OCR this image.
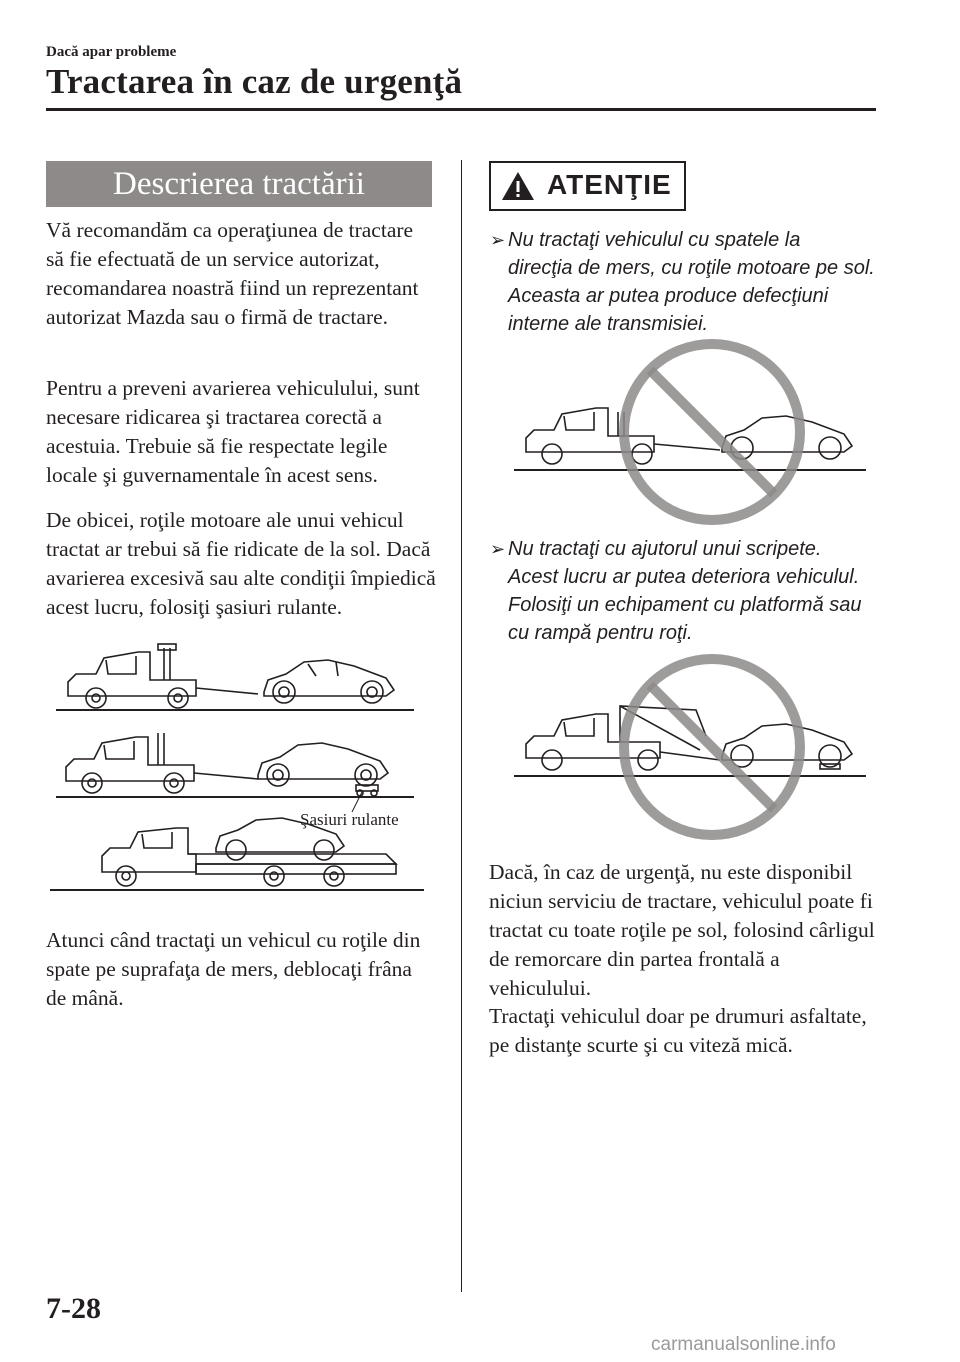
Dacă apar probleme
Tractarea în caz de urgenţă
Descrierea tractării
Vă recomandăm ca operaţiunea de tractare să fie efectuată de un service autorizat, recomandarea noastră fiind un reprezentant autorizat Mazda sau o firmă de tractare.
Pentru a preveni avarierea vehiculului, sunt necesare ridicarea şi tractarea corectă a acestuia. Trebuie să fie respectate legile locale şi guvernamentale în acest sens.
De obicei, roţile motoare ale unui vehicul tractat ar trebui să fie ridicate de la sol. Dacă avarierea excesivă sau alte condiţii împiedică acest lucru, folosiţi şasiuri rulante.
Şasiuri rulante
Atunci când tractaţi un vehicul cu roţile din spate pe suprafaţa de mers, deblocaţi frâna de mână.
ATENŢIE
➢ Nu tractaţi vehiculul cu spatele la
direcţia de mers, cu roţile motoare pe sol.
Aceasta ar putea produce defecţiuni
interne ale transmisiei.
➢ Nu tractaţi cu ajutorul unui scripete.
Acest lucru ar putea deteriora vehiculul.
Folosiţi un echipament cu platformă sau
cu rampă pentru roţi.
Dacă, în caz de urgenţă, nu este disponibil niciun serviciu de tractare, vehiculul poate fi tractat cu toate roţile pe sol, folosind cârligul de remorcare din partea frontală a vehiculului.
Tractaţi vehiculul doar pe drumuri asfaltate, pe distanţe scurte şi cu viteză mică.
7-28
carmanualsonline.info
